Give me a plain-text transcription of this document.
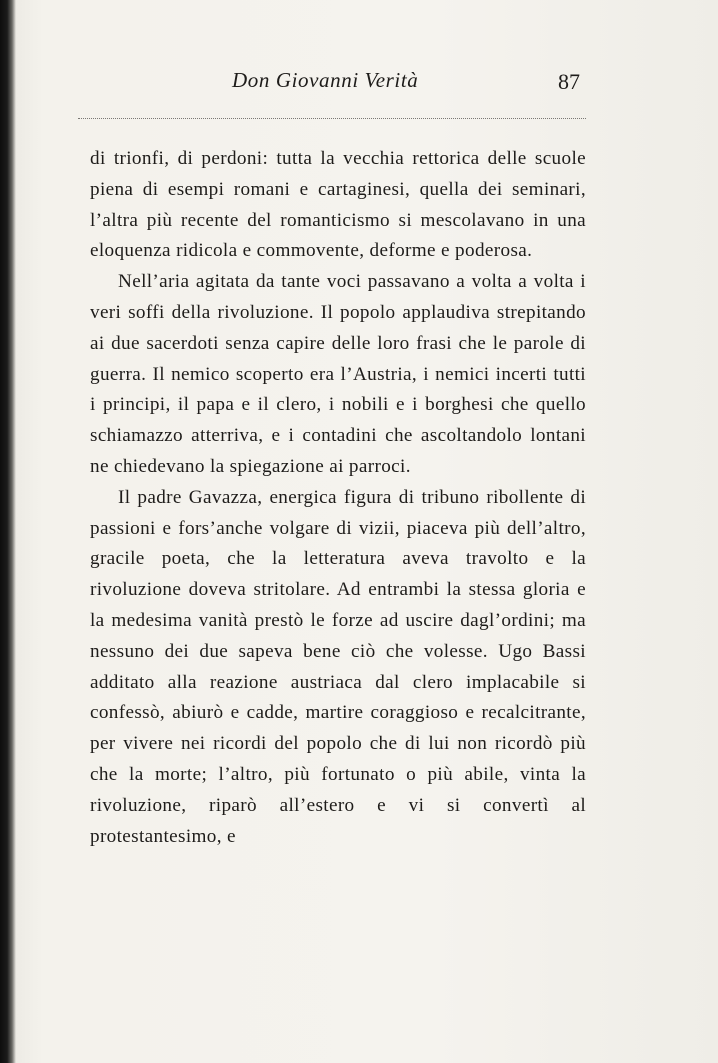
Don Giovanni Verità	87

di trionfi, di perdoni: tutta la vecchia rettorica delle scuole piena di esempi romani e cartaginesi, quella dei seminari, l’altra più recente del romanticismo si mescolavano in una eloquenza ridicola e commovente, deforme e poderosa.

Nell’aria agitata da tante voci passavano a volta a volta i veri soffi della rivoluzione. Il popolo applaudiva strepitando ai due sacerdoti senza capire delle loro frasi che le parole di guerra. Il nemico scoperto era l’Austria, i nemici incerti tutti i principi, il papa e il clero, i nobili e i borghesi che quello schiamazzo atterriva, e i contadini che ascoltandolo lontani ne chiedevano la spiegazione ai parroci.

Il padre Gavazza, energica figura di tribuno ribollente di passioni e fors’anche volgare di vizii, piaceva più dell’altro, gracile poeta, che la letteratura aveva travolto e la rivoluzione doveva stritolare. Ad entrambi la stessa gloria e la medesima vanità prestò le forze ad uscire dagl’ordini; ma nessuno dei due sapeva bene ciò che volesse. Ugo Bassi additato alla reazione austriaca dal clero implacabile si confessò, abiurò e cadde, martire coraggioso e recalcitrante, per vivere nei ricordi del popolo che di lui non ricordò più che la morte; l’altro, più fortunato o più abile, vinta la rivoluzione, riparò all’estero e vi si convertì al protestantesimo, e
